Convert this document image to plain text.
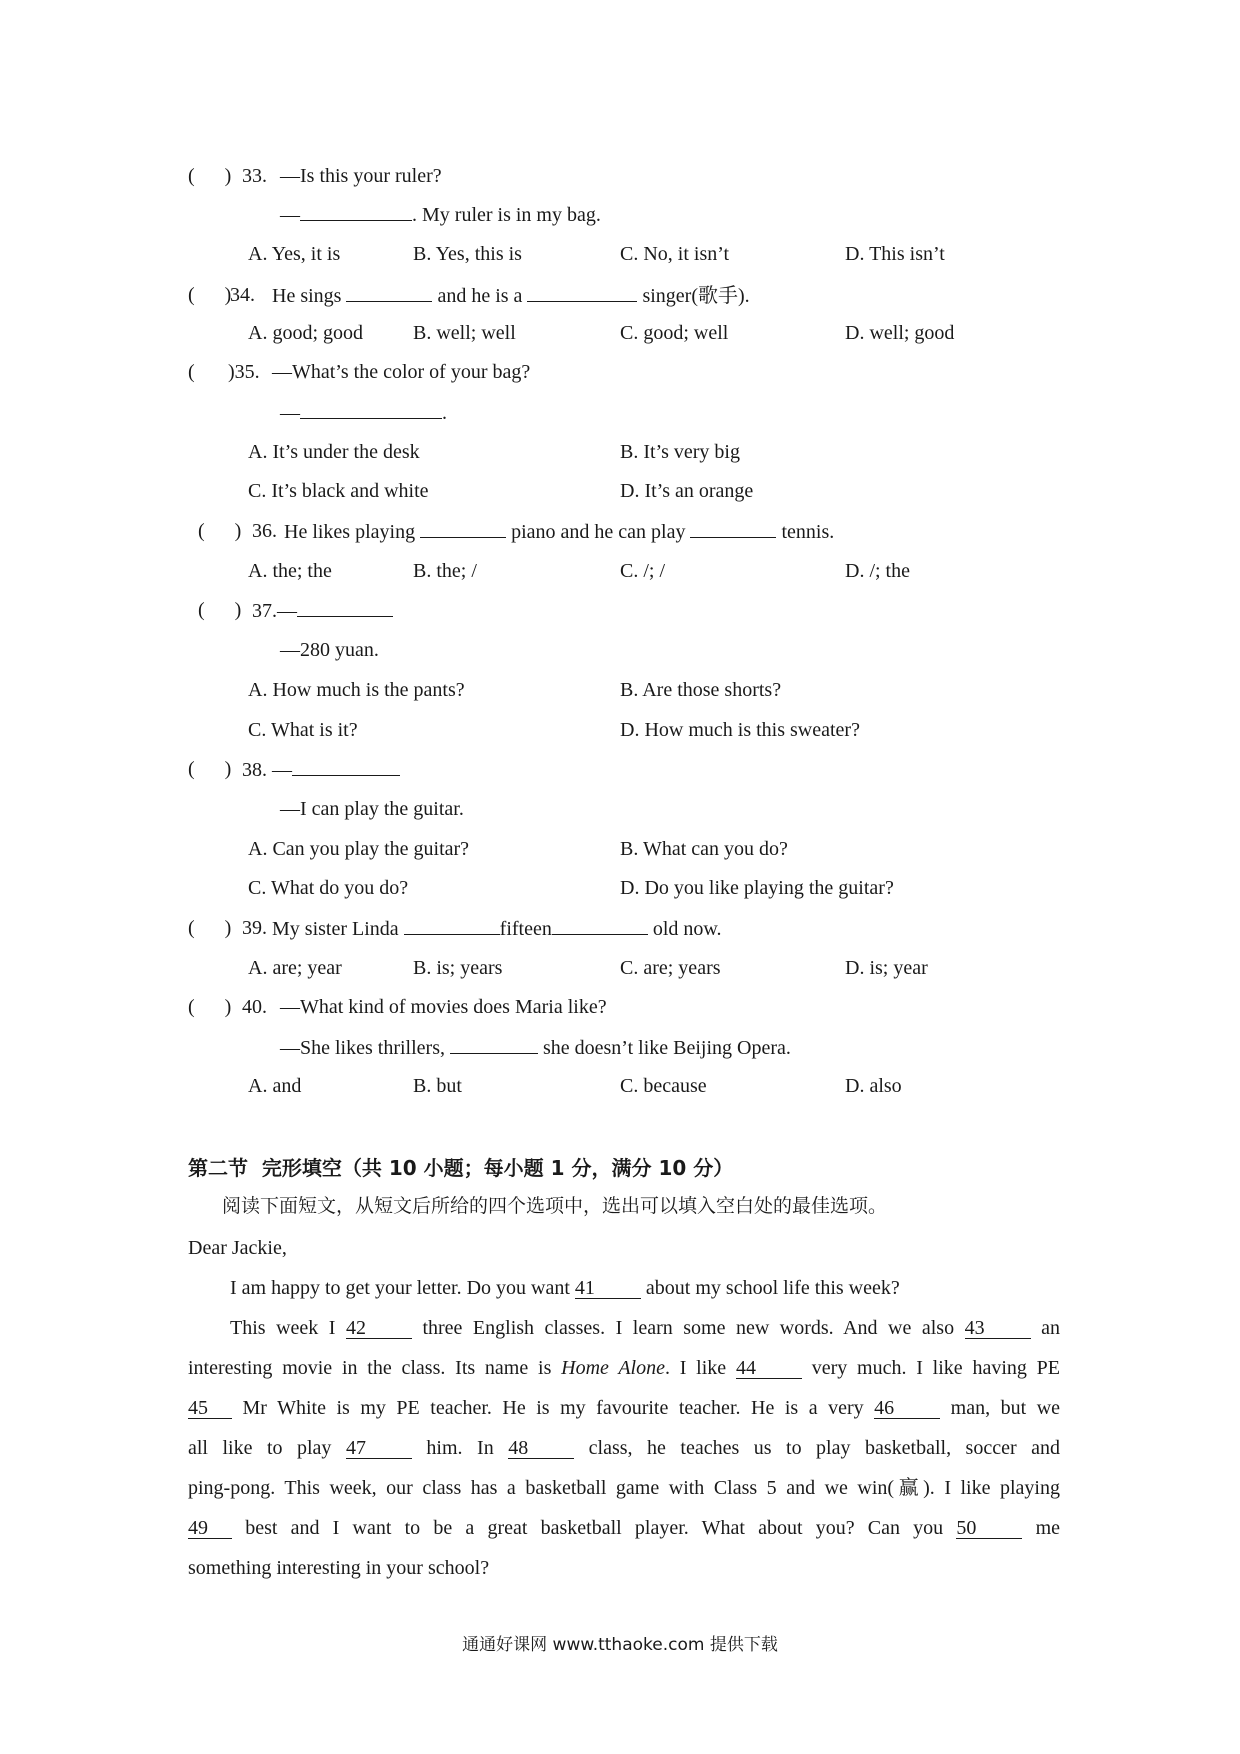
(      ) 33. —Is this your ruler?
—	. My ruler is in my bag.
A. Yes, it is	B. Yes, this is	C. No, it isn’t	D. This isn’t
(      )
34. He sings	and he is a	singer(歌手).
A. good; good	B. well; well	C. good; well	D. well; good
( )35. —What’s the color of your bag?
—	.
A. It’s under the desk	B. It’s very big
C. It’s black and white	D. It’s an orange
(      ) 36. He likes playing	piano and he can play	tennis.
A. the; the	B. the; /	C. /; /	D. /; the
(      ) 37.—
—280 yuan.
A. How much is the pants?	B. Are those shorts?
C. What is it?	D. How much is this sweater?
(      ) 38. —
—I can play the guitar.
A. Can you play the guitar?	B. What can you do?
C. What do you do?	D. Do you like playing the guitar?
(      ) 39. My sister Linda	fifteen	old now.
A. are; year	B. is; years	C. are; years	D. is; year
(      ) 40. —What kind of movies does Maria like?
—She likes thrillers,	she doesn’t like Beijing Opera.
A. and	B. but	C. because	D. also
第二节  完形填空（共 10 小题；每小题 1 分，满分 10 分）
阅读下面短文，从短文后所给的四个选项中，选出可以填入空白处的最佳选项。
Dear Jackie,
I am happy to get your letter. Do you want 41 about my school life this week?
This week I 42 three English classes. I learn some new words. And we also 43 an
interesting movie in the class. Its name is Home Alone. I like 44 very much. I like having PE
45 Mr White is my PE teacher. He is my favourite teacher. He is a very 46 man, but we
all like to play 47 him. In 48 class, he teaches us to play basketball, soccer and
ping-pong. This week, our class has a basketball game with Class 5 and we win(赢). I like playing
49 best and I want to be a great basketball player. What about you? Can you 50 me
something interesting in your school?
通通好课网 www.tthaoke.com 提供下载
